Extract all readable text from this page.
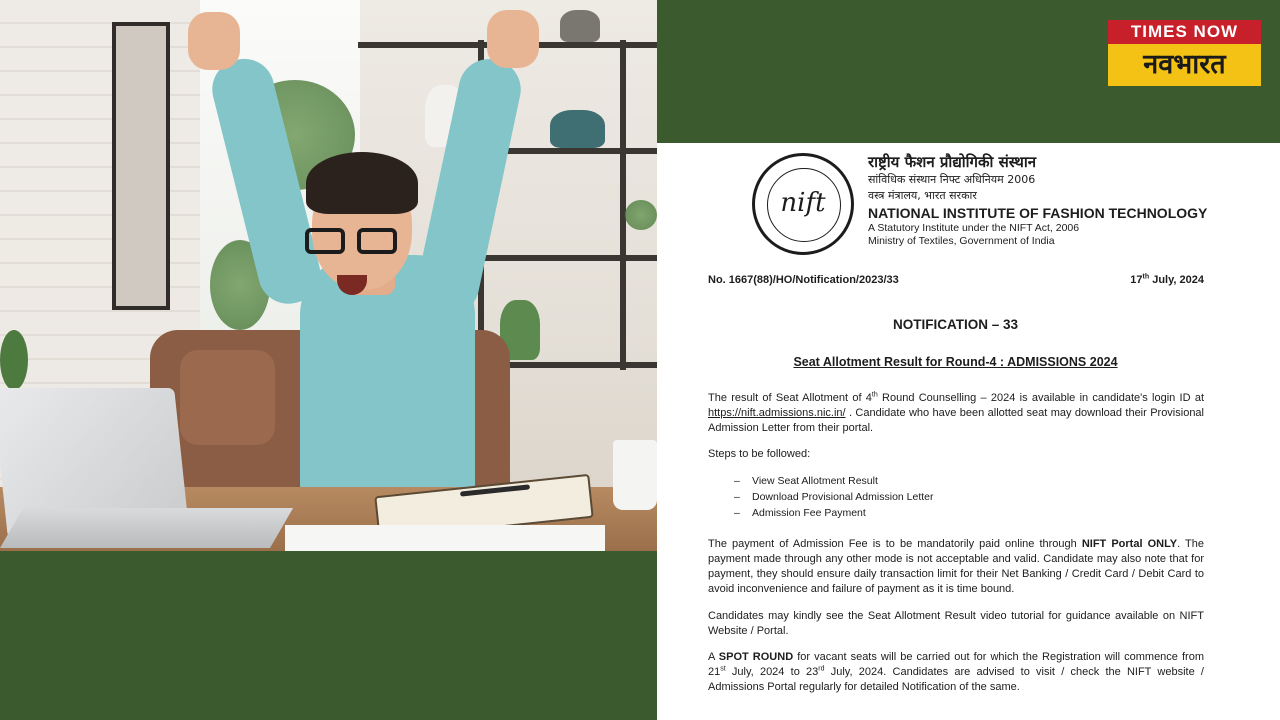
TIMES NOW
नवभारत
nift
राष्ट्रीय फैशन प्रौद्योगिकी संस्थान
सांविधिक संस्थान निफ्ट अधिनियम 2006
वस्त्र मंत्रालय, भारत सरकार
NATIONAL INSTITUTE OF FASHION TECHNOLOGY
A Statutory Institute under the NIFT Act, 2006
Ministry of Textiles, Government of India
No. 1667(88)/HO/Notification/2023/33	17th July, 2024
NOTIFICATION – 33
Seat Allotment Result for Round-4 : ADMISSIONS 2024
The result of Seat Allotment of 4th Round Counselling – 2024 is available in candidate's login ID at https://nift.admissions.nic.in/ . Candidate who have been allotted seat may download their Provisional Admission Letter from their portal.
Steps to be followed:
– View Seat Allotment Result
– Download Provisional Admission Letter
– Admission Fee Payment
The payment of Admission Fee is to be mandatorily paid online through NIFT Portal ONLY. The payment made through any other mode is not acceptable and valid. Candidate may also note that for payment, they should ensure daily transaction limit for their Net Banking / Credit Card / Debit Card to avoid inconvenience and failure of payment as it is time bound.
Candidates may kindly see the Seat Allotment Result video tutorial for guidance available on NIFT Website / Portal.
A SPOT ROUND for vacant seats will be carried out for which the Registration will commence from 21st July, 2024 to 23rd July, 2024. Candidates are advised to visit / check the NIFT website / Admissions Portal regularly for detailed Notification of the same.
